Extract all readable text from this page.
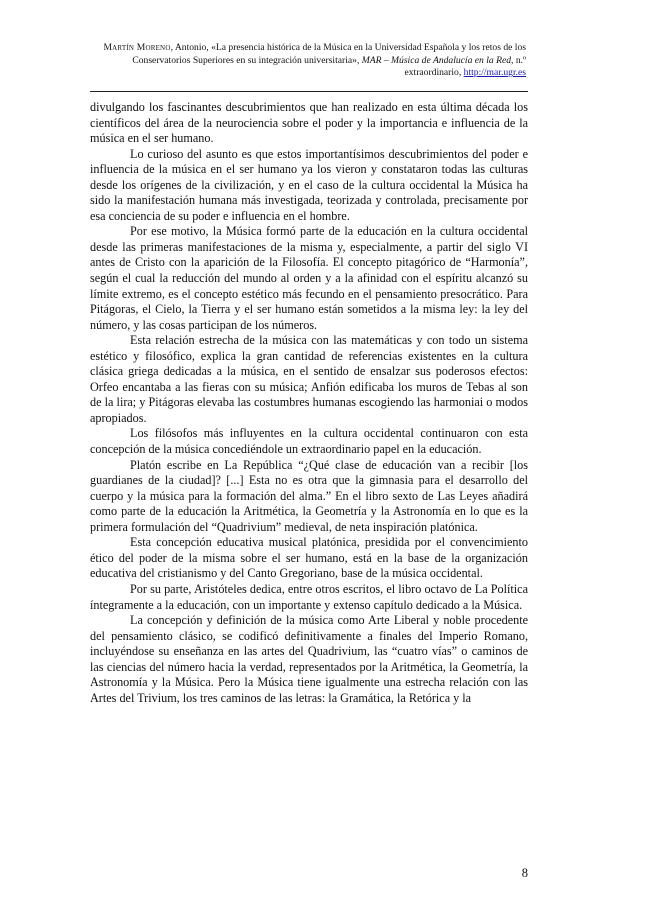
Martín Moreno, Antonio, «La presencia histórica de la Música en la Universidad Española y los retos de los Conservatorios Superiores en su integración universitaria», MAR – Música de Andalucía en la Red, n.º extraordinario, http://mar.ugr.es

divulgando los fascinantes descubrimientos que han realizado en esta última década los científicos del área de la neurociencia sobre el poder y la importancia e influencia de la música en el ser humano.

Lo curioso del asunto es que estos importantísimos descubrimientos del poder e influencia de la música en el ser humano ya los vieron y constataron todas las culturas desde los orígenes de la civilización, y en el caso de la cultura occidental la Música ha sido la manifestación humana más investigada, teorizada y controlada, precisamente por esa conciencia de su poder e influencia en el hombre.

Por ese motivo, la Música formó parte de la educación en la cultura occidental desde las primeras manifestaciones de la misma y, especialmente, a partir del siglo VI antes de Cristo con la aparición de la Filosofía. El concepto pitagórico de “Harmonía”, según el cual la reducción del mundo al orden y a la afinidad con el espíritu alcanzó su límite extremo, es el concepto estético más fecundo en el pensamiento presocrático. Para Pitágoras, el Cielo, la Tierra y el ser humano están sometidos a la misma ley: la ley del número, y las cosas participan de los números.

Esta relación estrecha de la música con las matemáticas y con todo un sistema estético y filosófico, explica la gran cantidad de referencias existentes en la cultura clásica griega dedicadas a la música, en el sentido de ensalzar sus poderosos efectos: Orfeo encantaba a las fieras con su música; Anfión edificaba los muros de Tebas al son de la lira; y Pitágoras elevaba las costumbres humanas escogiendo las harmoniai o modos apropiados.

Los filósofos más influyentes en la cultura occidental continuaron con esta concepción de la música concediéndole un extraordinario papel en la educación.

Platón escribe en La República “¿Qué clase de educación van a recibir [los guardianes de la ciudad]? [...] Esta no es otra que la gimnasia para el desarrollo del cuerpo y la música para la formación del alma.” En el libro sexto de Las Leyes añadirá como parte de la educación la Aritmética, la Geometría y la Astronomía en lo que es la primera formulación del “Quadrivium” medieval, de neta inspiración platónica.

Esta concepción educativa musical platónica, presidida por el convencimiento ético del poder de la misma sobre el ser humano, está en la base de la organización educativa del cristianismo y del Canto Gregoriano, base de la música occidental.

Por su parte, Aristóteles dedica, entre otros escritos, el libro octavo de La Política íntegramente a la educación, con un importante y extenso capítulo dedicado a la Música.

La concepción y definición de la música como Arte Liberal y noble procedente del pensamiento clásico, se codificó definitivamente a finales del Imperio Romano, incluyéndose su enseñanza en las artes del Quadrivium, las “cuatro vías” o caminos de las ciencias del número hacia la verdad, representados por la Aritmética, la Geometría, la Astronomía y la Música. Pero la Música tiene igualmente una estrecha relación con las Artes del Trivium, los tres caminos de las letras: la Gramática, la Retórica y la

8
